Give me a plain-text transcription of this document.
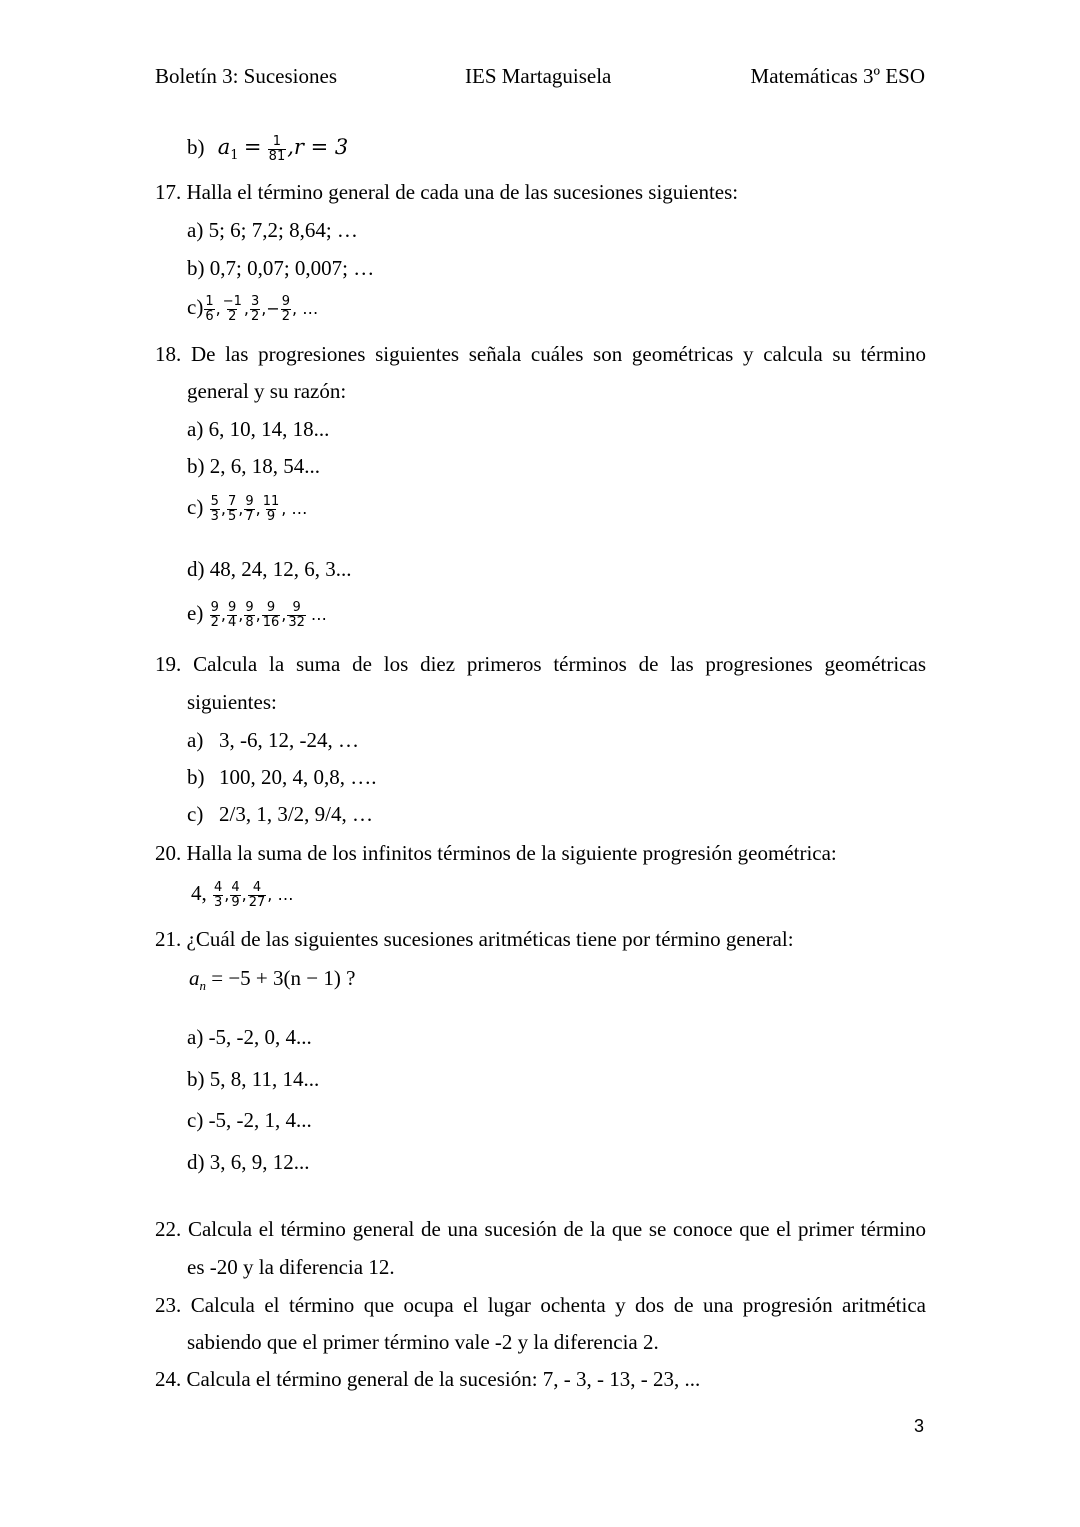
Boletín 3: Sucesiones	IES Martaguisela	Matemáticas 3º ESO
b) $a_1 = \frac{1}{81} ,r = 3$
17. Halla el término general de cada una de las sucesiones siguientes:
a) 5; 6; 7,2; 8,64; …
b) 0,7; 0,07; 0,007; …
$c) \frac{1}{6}$ , $\frac{-1}{2}$ , $\frac{3}{2}$ ,− $\frac{9}{2}$ , …
18. De las progresiones siguientes señala cuáles son geométricas y calcula su término
general y su razón:
a) 6, 10, 14, 18...
b) 2, 6, 18, 54...
$c) \frac{5}{3}$ , $\frac{7}{5}$ , $\frac{9}{7}$ , $\frac{11}{9}$ , …
d) 48, 24, 12, 6, 3...
$e) \frac{9}{2}$ , $\frac{9}{4}$ , $\frac{9}{8}$ , $\frac{9}{16}$ , $\frac{9}{32}$ …
19. Calcula la suma de los diez primeros términos de las progresiones geométricas
siguientes:
a) 3, -6, 12, -24, …
b) 100, 20, 4, 0,8, ….
c) 2/3, 1, 3/2, 9/4, …
20. Halla la suma de los infinitos términos de la siguiente progresión geométrica:
4, $\frac{4}{3}$ , $\frac{4}{9}$ , $\frac{4}{27}$ , …
21. ¿Cuál de las siguientes sucesiones aritméticas tiene por término general:
$a_n = -5 + 3(n - 1)$ ?
a) -5, -2, 0, 4...
b) 5, 8, 11, 14...
c) -5, -2, 1, 4...
d) 3, 6, 9, 12...
22. Calcula el término general de una sucesión de la que se conoce que el primer término
es -20 y la diferencia 12.
23. Calcula el término que ocupa el lugar ochenta y dos de una progresión aritmética
sabiendo que el primer término vale -2 y la diferencia 2.
24. Calcula el término general de la sucesión: 7, - 3, - 13, - 23, ...
3
